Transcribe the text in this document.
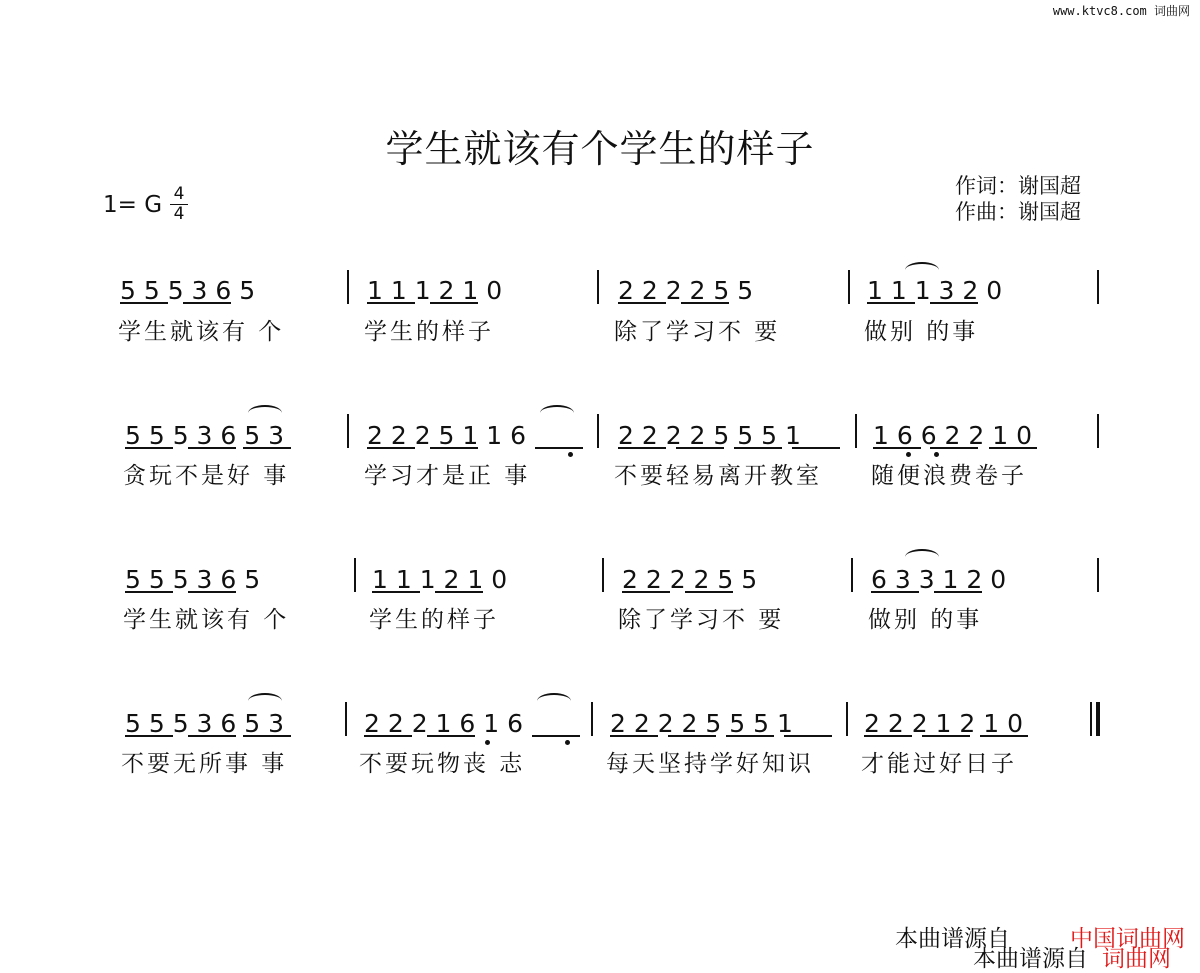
www.ktvc8.com 词曲网
学生就该有个学生的样子
作词：谢国超
作曲：谢国超
1= G 4
4
5 5 5 3 6 5	1 1 1 2 1 0	2 2 2 2 5 5	1 1 1 3 2 0
学生就该有 个	学生的样子	除了学习不 要	做别 的事
5 5 5 3 6 5 3	2 2 2 5 1 1 6	2 2 2 2 5 5 5 1	1 6 6 2 2 1 0
贪玩不是好 事	学习才是正 事	不要轻易离开教室 随便浪费卷子
5 5 5 3 6 5	1 1 1 2 1 0	2 2 2 2 5 5	6 3 3 1 2 0
学生就该有 个	学生的样子	除了学习不 要	做别 的事
5 5 5 3 6 5 3	2 2 2 1 6 1 6	2 2 2 2 5 5 5 1	2 2 2 1 2 1 0
不要无所事 事	不要玩物丧 志	每天坚持学好知识 才能过好日子
本曲谱源自	中国词曲网
本曲谱源自 词曲网
